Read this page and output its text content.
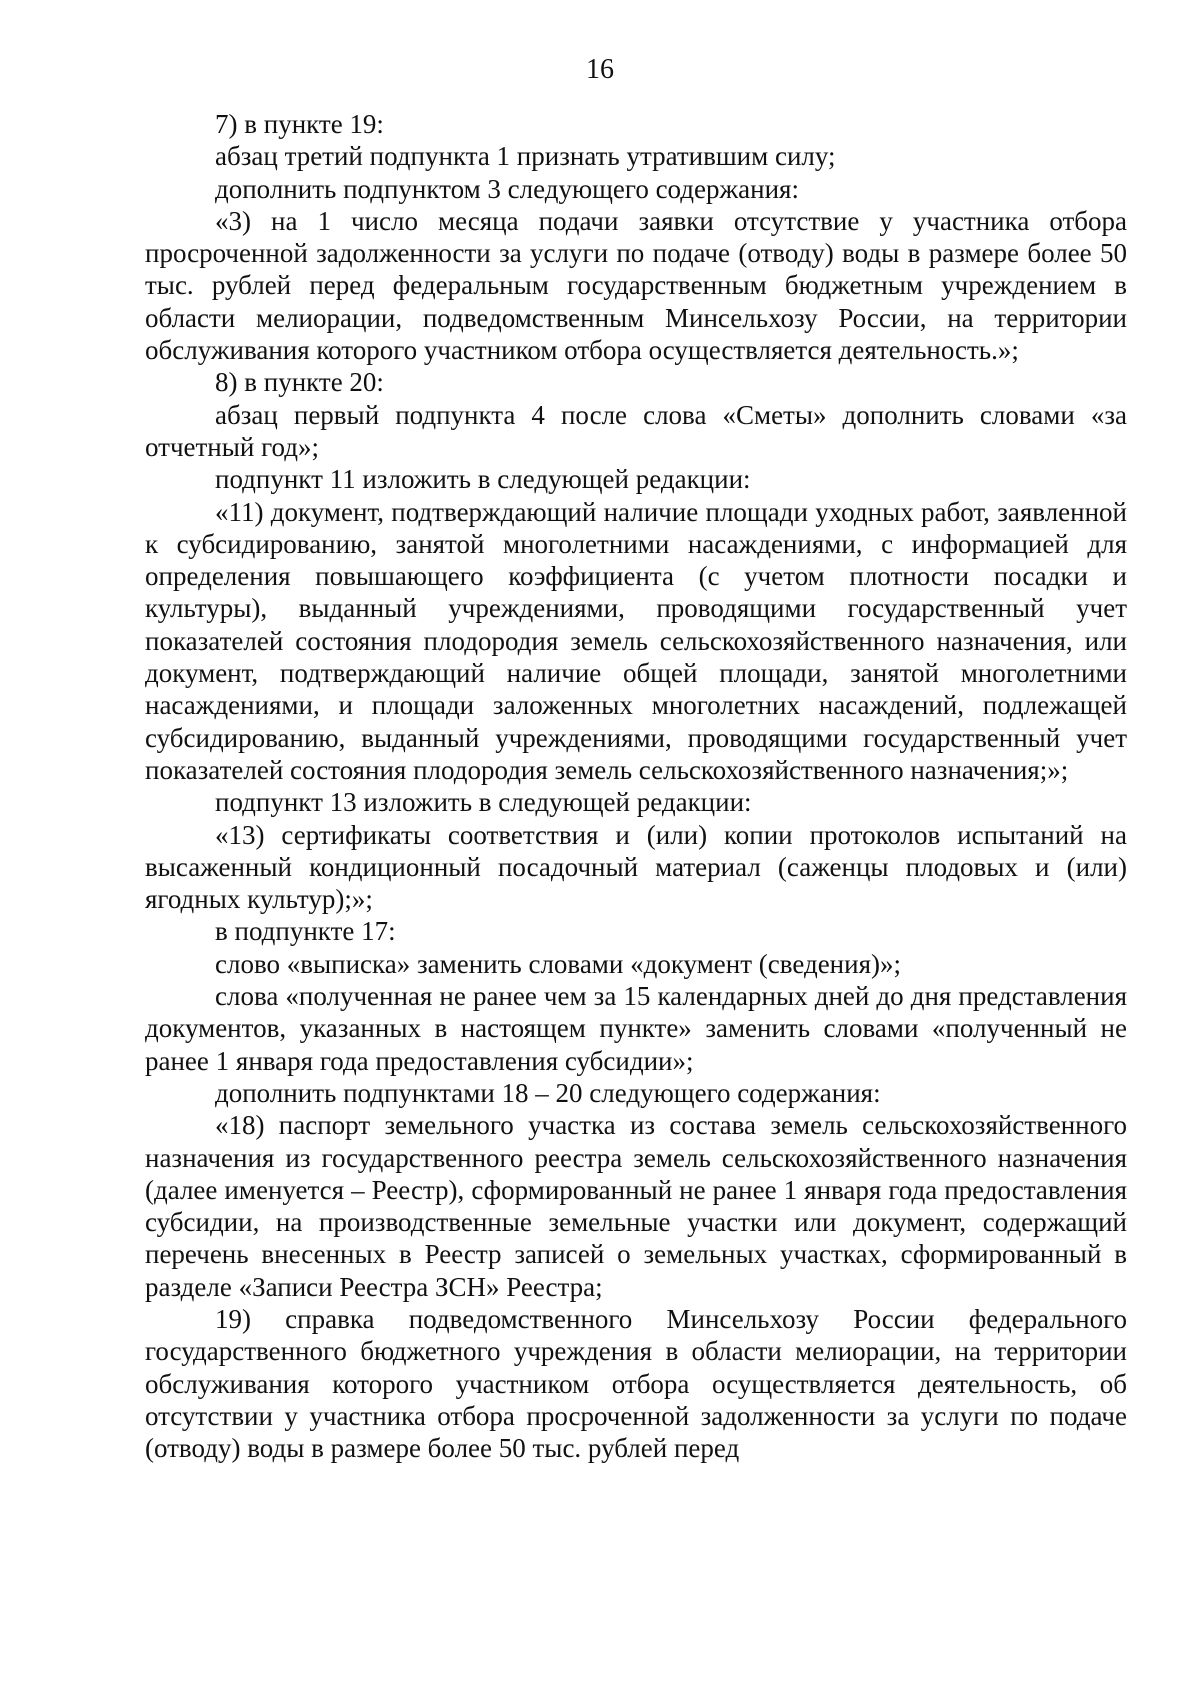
16

7) в пункте 19:

абзац третий подпункта 1 признать утратившим силу;

дополнить подпунктом 3 следующего содержания:

«3) на 1 число месяца подачи заявки отсутствие у участника отбора просроченной задолженности за услуги по подаче (отводу) воды в размере более 50 тыс. рублей перед федеральным государственным бюджетным учреждением в области мелиорации, подведомственным Минсельхозу России, на территории обслуживания которого участником отбора осуществляется деятельность.»;

8) в пункте 20:

абзац первый подпункта 4 после слова «Сметы» дополнить словами «за отчетный год»;

подпункт 11 изложить в следующей редакции:

«11) документ, подтверждающий наличие площади уходных работ, заявленной к субсидированию, занятой многолетними насаждениями, с информацией для определения повышающего коэффициента (с учетом плотности посадки и культуры), выданный учреждениями, проводящими государственный учет показателей состояния плодородия земель сельскохозяйственного назначения, или документ, подтверждающий наличие общей площади, занятой многолетними насаждениями, и площади заложенных многолетних насаждений, подлежащей субсидированию, выданный учреждениями, проводящими государственный учет показателей состояния плодородия земель сельскохозяйственного назначения;»;

подпункт 13 изложить в следующей редакции:

«13) сертификаты соответствия и (или) копии протоколов испытаний на высаженный кондиционный посадочный материал (саженцы плодовых и (или) ягодных культур);»;

в подпункте 17:

слово «выписка» заменить словами «документ (сведения)»;

слова «полученная не ранее чем за 15 календарных дней до дня представления документов, указанных в настоящем пункте» заменить словами «полученный не ранее 1 января года предоставления субсидии»;

дополнить подпунктами 18 – 20 следующего содержания:

«18) паспорт земельного участка из состава земель сельскохозяйственного назначения из государственного реестра земель сельскохозяйственного назначения (далее именуется – Реестр), сформированный не ранее 1 января года предоставления субсидии, на производственные земельные участки или документ, содержащий перечень внесенных в Реестр записей о земельных участках, сформированный в разделе «Записи Реестра ЗСН» Реестра;

19) справка подведомственного Минсельхозу России федерального государственного бюджетного учреждения в области мелиорации, на территории обслуживания которого участником отбора осуществляется деятельность, об отсутствии у участника отбора просроченной задолженности за услуги по подаче (отводу) воды в размере более 50 тыс. рублей перед
